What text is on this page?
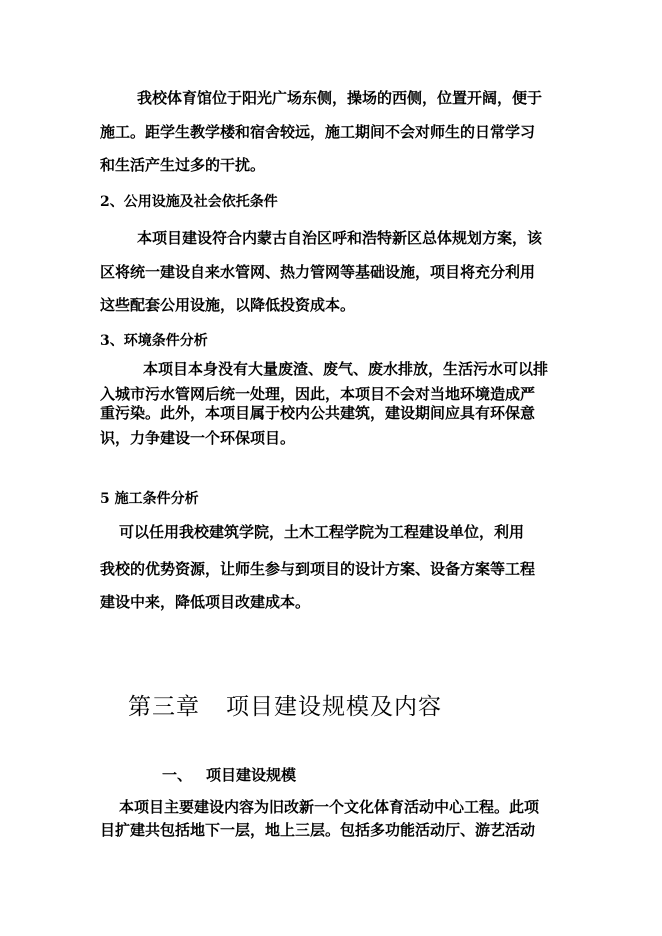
我校体育馆位于阳光广场东侧，操场的西侧，位置开阔，便于
施工。距学生教学楼和宿舍较远，施工期间不会对师生的日常学习
和生活产生过多的干扰。
2、公用设施及社会依托条件
本项目建设符合内蒙古自治区呼和浩特新区总体规划方案，该
区将统一建设自来水管网、热力管网等基础设施，项目将充分利用
这些配套公用设施，以降低投资成本。
3、环境条件分析
本项目本身没有大量废渣、废气、废水排放，生活污水可以排
入城市污水管网后统一处理，因此，本项目不会对当地环境造成严
重污染。此外，本项目属于校内公共建筑，建设期间应具有环保意
识，力争建设一个环保项目。
5 施工条件分析
可以任用我校建筑学院，土木工程学院为工程建设单位，利用
我校的优势资源，让师生参与到项目的设计方案、设备方案等工程
建设中来，降低项目改建成本。
第三章 项目建设规模及内容
一、 项目建设规模
本项目主要建设内容为旧改新一个文化体育活动中心工程。此项
目扩建共包括地下一层，地上三层。包括多功能活动厅、游艺活动
